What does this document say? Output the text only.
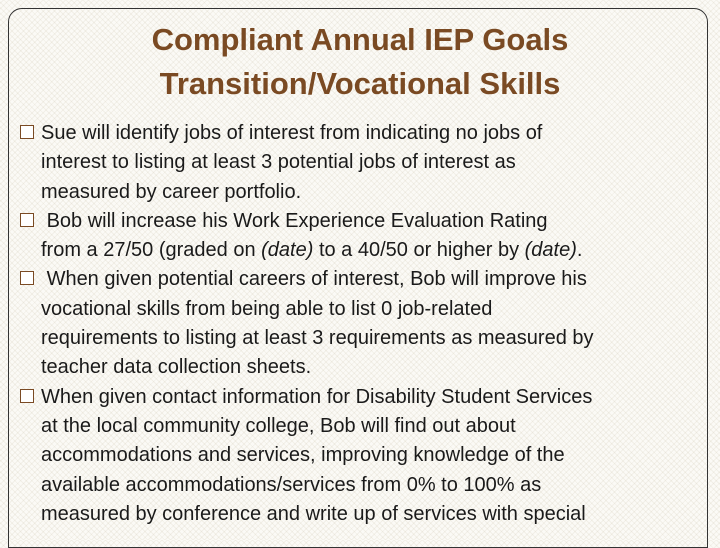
Compliant Annual IEP Goals
Transition/Vocational Skills
Sue will identify jobs of interest from indicating no jobs of
interest to listing at least 3 potential jobs of interest as
measured by career portfolio.
Bob will increase his Work Experience Evaluation Rating
from a 27/50 (graded on (date) to a 40/50 or higher by (date).
When given potential careers of interest, Bob will improve his
vocational skills from being able to list 0 job-related
requirements to listing at least 3 requirements as measured by
teacher data collection sheets.
When given contact information for Disability Student Services
at the local community college, Bob will find out about
accommodations and services, improving knowledge of the
available accommodations/services from 0% to 100% as
measured by conference and write up of services with special
